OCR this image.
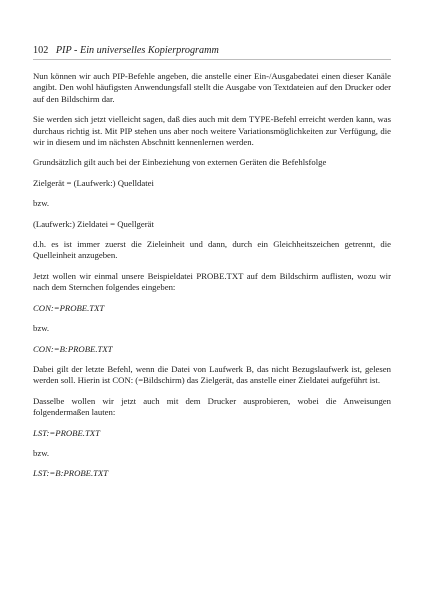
102 PIP - Ein universelles Kopierprogramm

Nun können wir auch PIP-Befehle angeben, die anstelle einer Ein-/Ausgabedatei einen dieser Kanäle angibt. Den wohl häufigsten Anwendungsfall stellt die Ausgabe von Textdateien auf den Drucker oder auf den Bildschirm dar.

Sie werden sich jetzt vielleicht sagen, daß dies auch mit dem TYPE-Befehl erreicht werden kann, was durchaus richtig ist. Mit PIP stehen uns aber noch weitere Variationsmöglichkeiten zur Verfügung, die wir in diesem und im nächsten Abschnitt kennenlernen werden.

Grundsätzlich gilt auch bei der Einbeziehung von externen Geräten die Befehlsfolge

Zielgerät = (Laufwerk:) Quelldatei

bzw.

(Laufwerk:) Zieldatei = Quellgerät

d.h. es ist immer zuerst die Zieleinheit und dann, durch ein Gleichheitszeichen getrennt, die Quelleinheit anzugeben.

Jetzt wollen wir einmal unsere Beispieldatei PROBE.TXT auf dem Bildschirm auflisten, wozu wir nach dem Sternchen folgendes eingeben:

CON:=PROBE.TXT

bzw.

CON:=B:PROBE.TXT

Dabei gilt der letzte Befehl, wenn die Datei von Laufwerk B, das nicht Bezugslaufwerk ist, gelesen werden soll. Hierin ist CON: (=Bildschirm) das Zielgerät, das anstelle einer Zieldatei aufgeführt ist.

Dasselbe wollen wir jetzt auch mit dem Drucker ausprobieren, wobei die Anweisungen folgendermaßen lauten:

LST:=PROBE.TXT

bzw.

LST:=B:PROBE.TXT
